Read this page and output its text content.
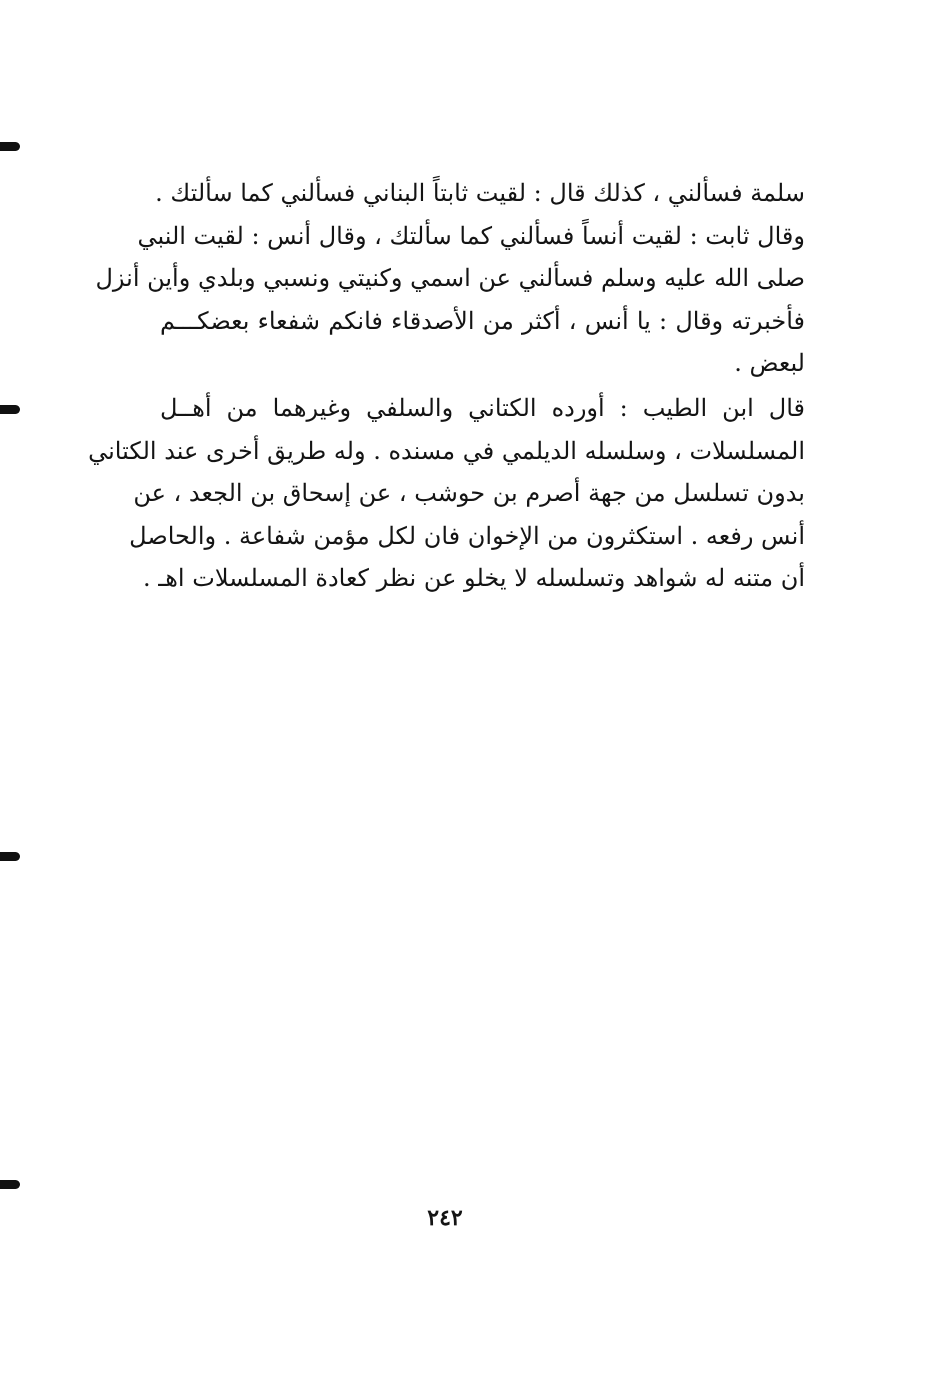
سلمة فسألني ، كذلك قال : لقيت ثابتاً البناني فسألني كما سألتك .
وقال ثابت : لقيت أنساً فسألني كما سألتك ، وقال أنس : لقيت النبي
صلى الله عليه وسلم فسألني عن اسمي وكنيتي ونسبي وبلدي وأين أنزل
فأخبرته وقال : يا أنس ، أكثر من الأصدقاء فانكم شفعاء بعضكـــم
لبعض .
قال ابن الطيب : أورده الكتاني والسلفي وغيرهما من أهــل
المسلسلات ، وسلسله الديلمي في مسنده . وله طريق أخرى عند الكتاني
بدون تسلسل من جهة أصرم بن حوشب ، عن إسحاق بن الجعد ، عن
أنس رفعه . استكثرون من الإخوان فان لكل مؤمن شفاعة . والحاصل
أن متنه له شواهد وتسلسله لا يخلو عن نظر كعادة المسلسلات اهـ .
٢٤٢
